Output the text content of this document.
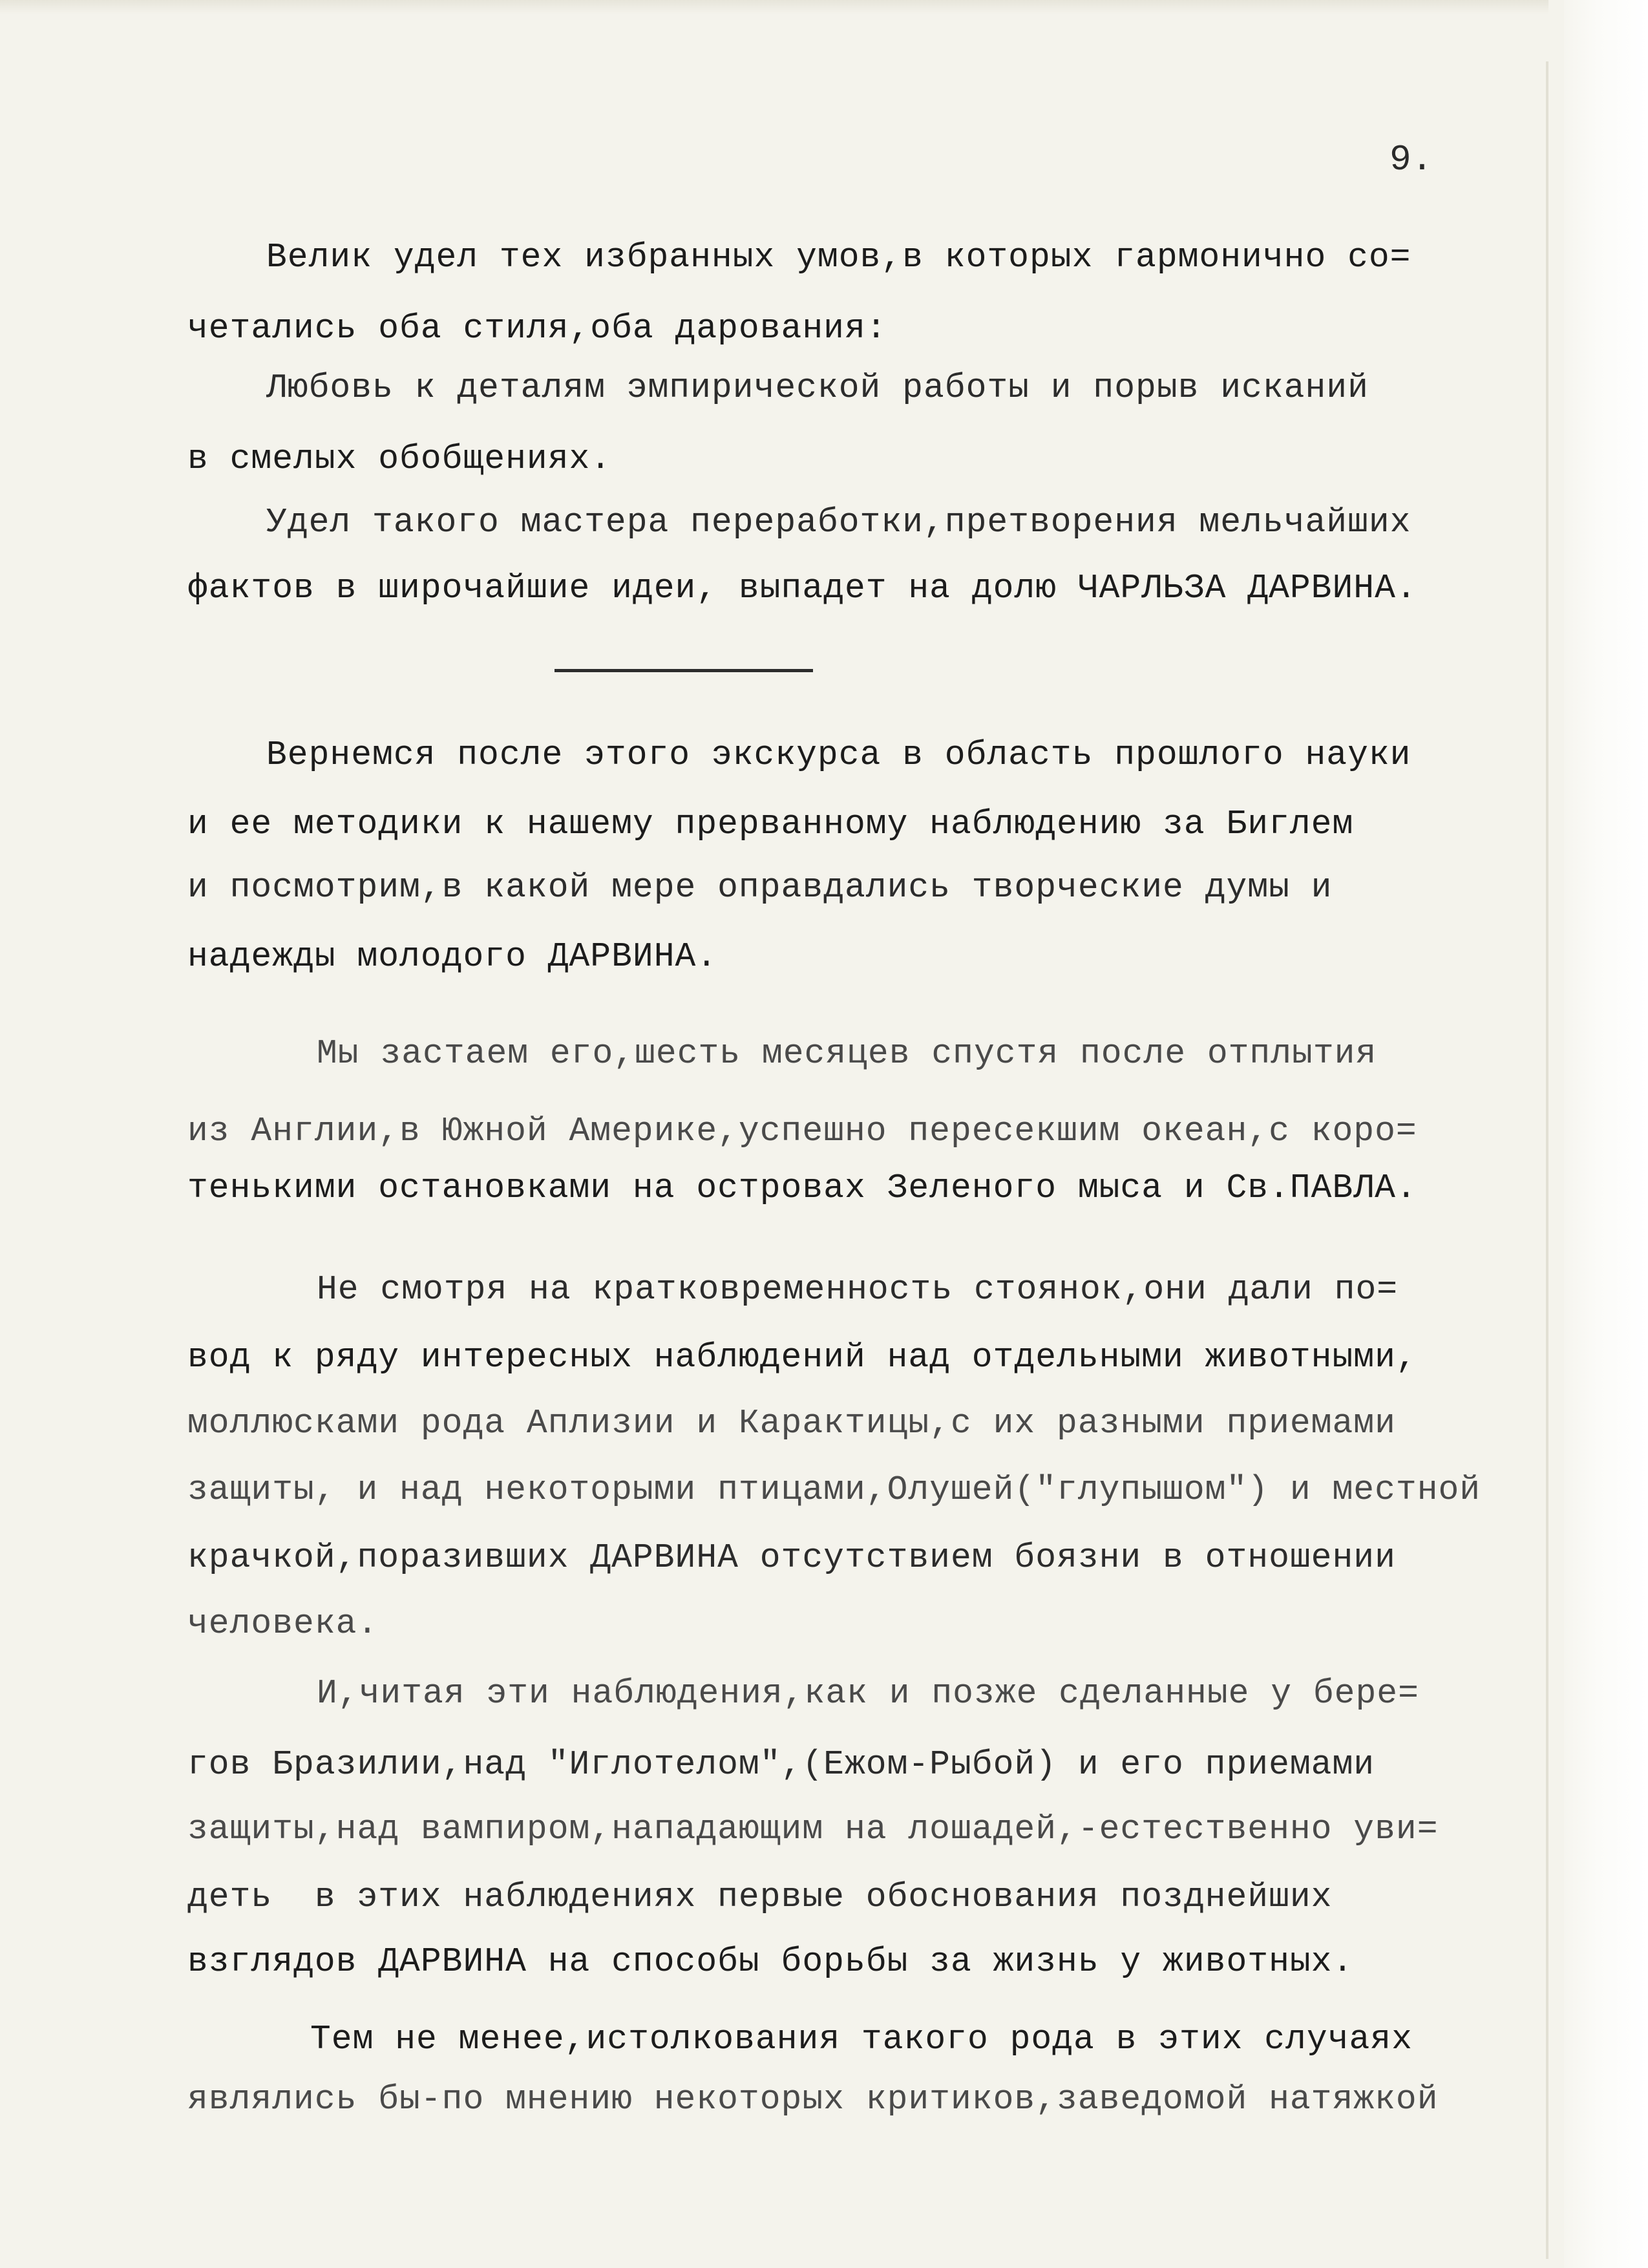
9.

Велик удел тех избранных умов,в которых гармонично со=

четались оба стиля,оба дарования:

Любовь к деталям эмпирической работы и порыв исканий

в смелых обобщениях.

Удел такого мастера переработки,претворения мельчайших

фактов в широчайшие идеи, выпадет на долю ЧАРЛЬЗА ДАРВИНА.

Вернемся после этого экскурса в область прошлого науки

и ее методики к нашему прерванному наблюдению за Биглем

и посмотрим,в какой мере оправдались творческие думы и

надежды молодого ДАРВИНА.

Мы застаем его,шесть месяцев спустя после отплытия

из Англии,в Южной Америке,успешно пересекшим океан,с коро=

тенькими остановками на островах Зеленого мыса и Св.ПАВЛА.

Не смотря на кратковременность стоянок,они дали по=

вод к ряду интересных наблюдений над отдельными животными,

моллюсками рода Аплизии и Карактицы,с их разными приемами

защиты, и над некоторыми птицами,Олушей("глупышом") и местной

крачкой,поразивших ДАРВИНА отсутствием боязни в отношении

человека.

И,читая эти наблюдения,как и позже сделанные у бере=

гов Бразилии,над "Иглотелом",(Ежом-Рыбой) и его приемами

защиты,над вампиром,нападающим на лошадей,-естественно уви=

деть  в этих наблюдениях первые обоснования позднейших

взглядов ДАРВИНА на способы борьбы за жизнь у животных.

Тем не менее,истолкования такого рода в этих случаях

являлись бы-по мнению некоторых критиков,заведомой натяжкой
